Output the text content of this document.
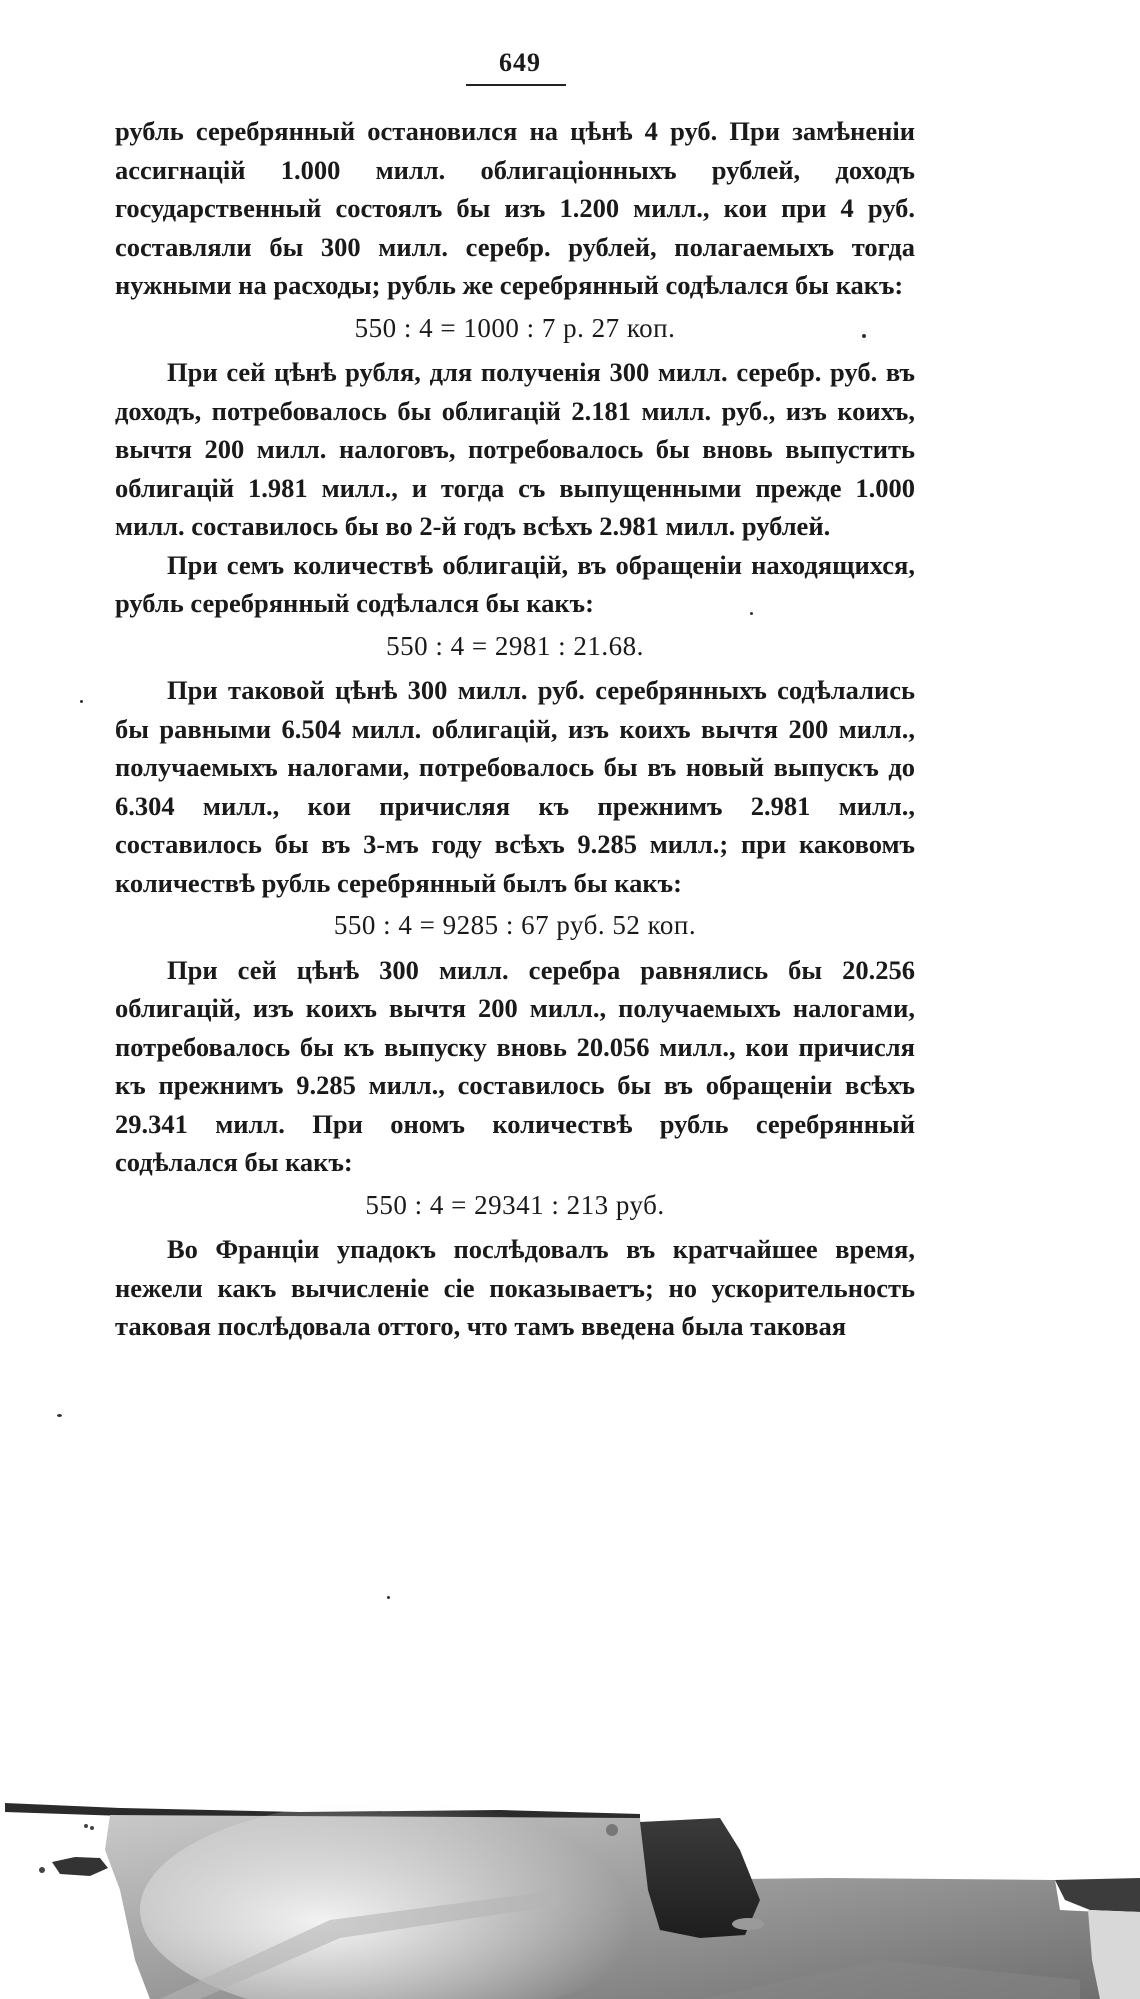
649

рубль серебрянный остановился на цѣнѣ 4 руб. При замѣненіи ассигнацій 1.000 милл. облигаціонныхъ рублей, доходъ государственный состоялъ бы изъ 1.200 милл., кои при 4 руб. составляли бы 300 милл. серебр. рублей, полагаемыхъ тогда нужными на расходы; рубль же серебрянный содѣлался бы какъ:

550 : 4 = 1000 : 7 р. 27 коп.

При сей цѣнѣ рубля, для полученія 300 милл. серебр. руб. въ доходъ, потребовалось бы облигацій 2.181 милл. руб., изъ коихъ, вычтя 200 милл. налоговъ, потребовалось бы вновь выпустить облигацій 1.981 милл., и тогда съ выпущенными прежде 1.000 милл. составилось бы во 2-й годъ всѣхъ 2.981 милл. рублей.

При семъ количествѣ облигацій, въ обращеніи находящихся, рубль серебрянный содѣлался бы какъ:

550 : 4 = 2981 : 21.68.

При таковой цѣнѣ 300 милл. руб. серебрянныхъ содѣлались бы равными 6.504 милл. облигацій, изъ коихъ вычтя 200 милл., получаемыхъ налогами, потребовалось бы въ новый выпускъ до 6.304 милл., кои причисляя къ прежнимъ 2.981 милл., составилось бы въ 3-мъ году всѣхъ 9.285 милл.; при каковомъ количествѣ рубль серебрянный былъ бы какъ:

550 : 4 = 9285 : 67 руб. 52 коп.

При сей цѣнѣ 300 милл. серебра равнялись бы 20.256 облигацій, изъ коихъ вычтя 200 милл., получаемыхъ налогами, потребовалось бы къ выпуску вновь 20.056 милл., кои причисля къ прежнимъ 9.285 милл., составилось бы въ обращеніи всѣхъ 29.341 милл. При ономъ количествѣ рубль серебрянный содѣлался бы какъ:

550 : 4 = 29341 : 213 руб.

Во Франціи упадокъ послѣдовалъ въ кратчайшее время, нежели какъ вычисленіе сіе показываетъ; но ускорительность таковая послѣдовала оттого, что тамъ введена была таковая
